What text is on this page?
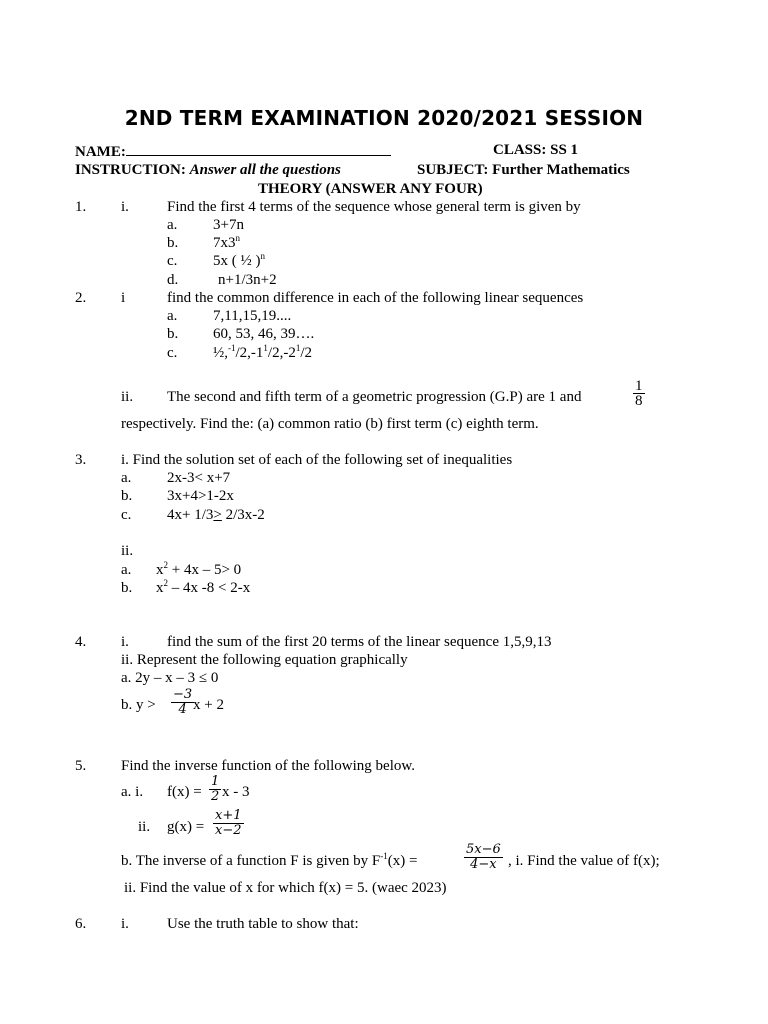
2ND TERM EXAMINATION 2020/2021 SESSION
NAME:	CLASS: SS 1
INSTRUCTION: Answer all the questions	SUBJECT: Further Mathematics
THEORY (ANSWER ANY FOUR)
1. i.	Find the first 4 terms of the sequence whose general term is given by
a. 3+7n
b. 7x3$^n$
c. 5x ( ½ )$^n$
d.	n+1/3n+2
2. i	find the common difference in each of the following linear sequences
a. 7,11,15,19....
b. 60, 53, 46, 39….
c. $\frac{1}{2},^{-1}/2,-1^1/2,-2^1/2$
ii. The second and fifth term of a geometric progression (G.P) are 1 and	$\frac{1}{8}$
respectively. Find the: (a) common ratio (b) first term (c) eighth term.
3. i. Find the solution set of each of the following set of inequalities
a. 2x-3< x+7
b. 3x+4>1-2x
c. 4x+ 1/3> 2/3x-2
ii.
a. $x^2 + 4x - 5> 0$
b. $x^2 - 4x$ -8 < 2-x
4. i.	find the sum of the first 20 terms of the linear sequence 1,5,9,13
ii. Represent the following equation graphically
a. 2y – x – 3 ≤ 0
b. $y > \frac{-3}{4}$
x + 2
5. Find the inverse function of the following below.
a. i. $f(x) = \frac{1}{2}$ x - 3
ii. $g(x) = \frac{x+1}{x-2}$
b. The inverse of a function F is given by $F^{-1}(x)$ =	$\frac{5x-6}{4-x}$ , i. Find the value of f(x);
ii. Find the value of x for which f(x) = 5. (waec 2023)
6. i.	Use the truth table to show that:
